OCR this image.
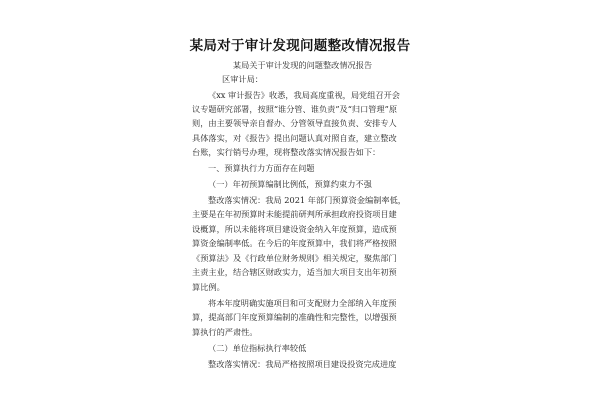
某局对于审计发现问题整改情况报告
某局关于审计发现的问题整改情况报告
区审计局：
《xx 审计报告》收悉，我局高度重视，局党组召开会
议专题研究部署，按照“谁分管、谁负责”及“归口管理”原
则，由主要领导亲自督办、分管领导直接负责、安排专人
具体落实，对《报告》提出问题认真对照自查，建立整改
台账，实行销号办理，现将整改落实情况报告如下：
一、预算执行力方面存在问题
（一）年初预算编制比例低，预算约束力不强
整改落实情况：我局 2021 年部门预算资金编制率低，
主要是在年初预算时未能提前研判所承担政府投资项目建
设概算，所以未能将项目建设资金纳入年度预算，造成预
算资金编制率低。在今后的年度预算中，我们将严格按照
《预算法》及《行政单位财务规则》相关规定，聚焦部门
主责主业，结合辖区财政实力，适当加大项目支出年初预
算比例。
将本年度明确实施项目和可支配财力全部纳入年度预
算，提高部门年度预算编制的准确性和完整性，以增强预
算执行的严肃性。
（二）单位指标执行率较低
整改落实情况：我局严格按照项目建设投资完成进度
